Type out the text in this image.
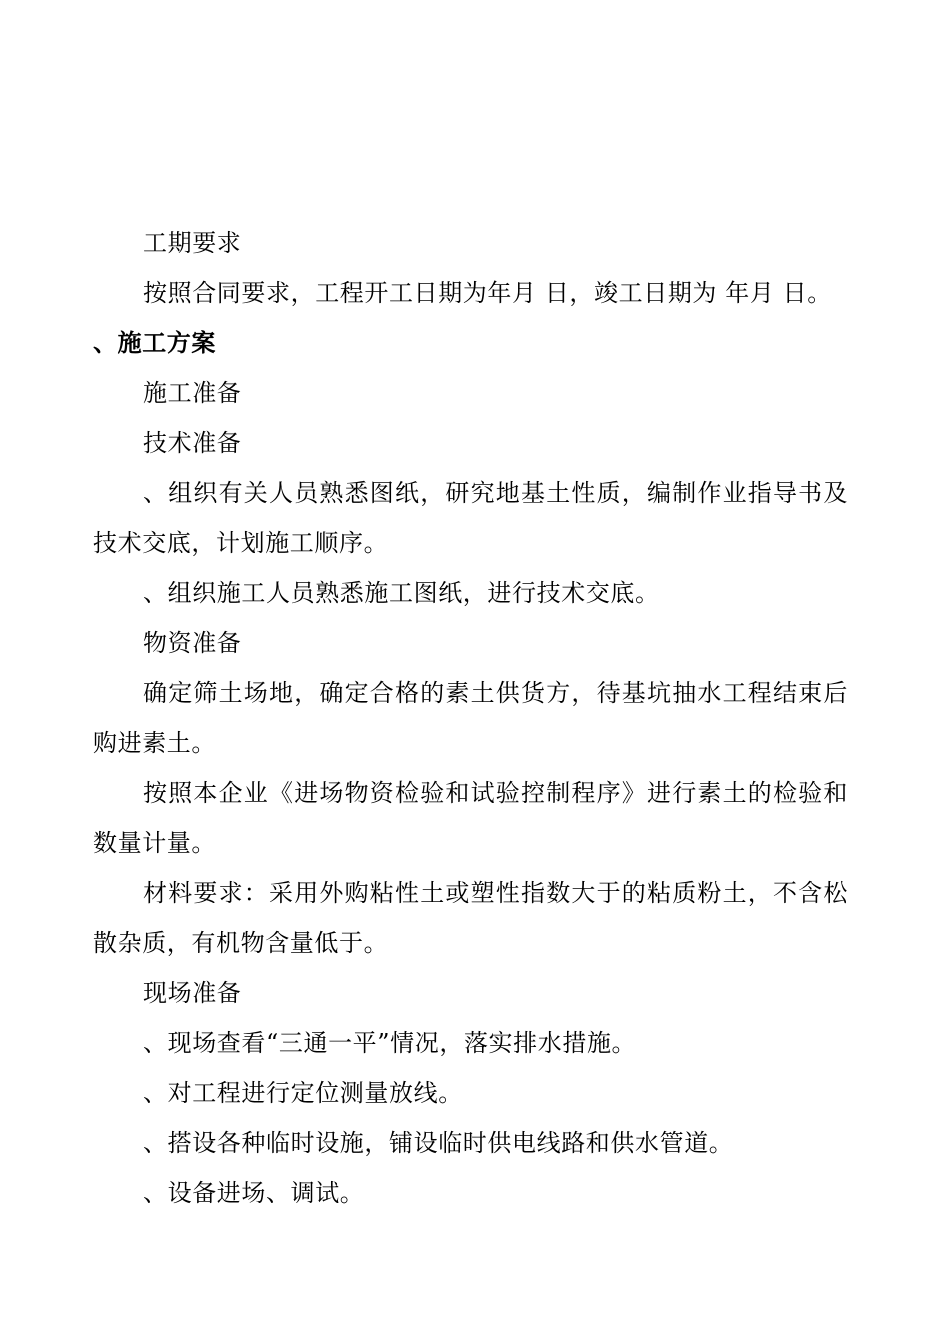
工期要求

按照合同要求，工程开工日期为年月 日，竣工日期为 年月 日。

、施工方案

施工准备

技术准备

、组织有关人员熟悉图纸，研究地基土性质，编制作业指导书及技术交底，计划施工顺序。

、组织施工人员熟悉施工图纸，进行技术交底。

物资准备

确定筛土场地，确定合格的素土供货方，待基坑抽水工程结束后购进素土。

按照本企业《进场物资检验和试验控制程序》进行素土的检验和数量计量。

材料要求：采用外购粘性土或塑性指数大于的粘质粉土，不含松散杂质，有机物含量低于。

现场准备

、现场查看“三通一平”情况，落实排水措施。

、对工程进行定位测量放线。

、搭设各种临时设施，铺设临时供电线路和供水管道。

、设备进场、调试。
